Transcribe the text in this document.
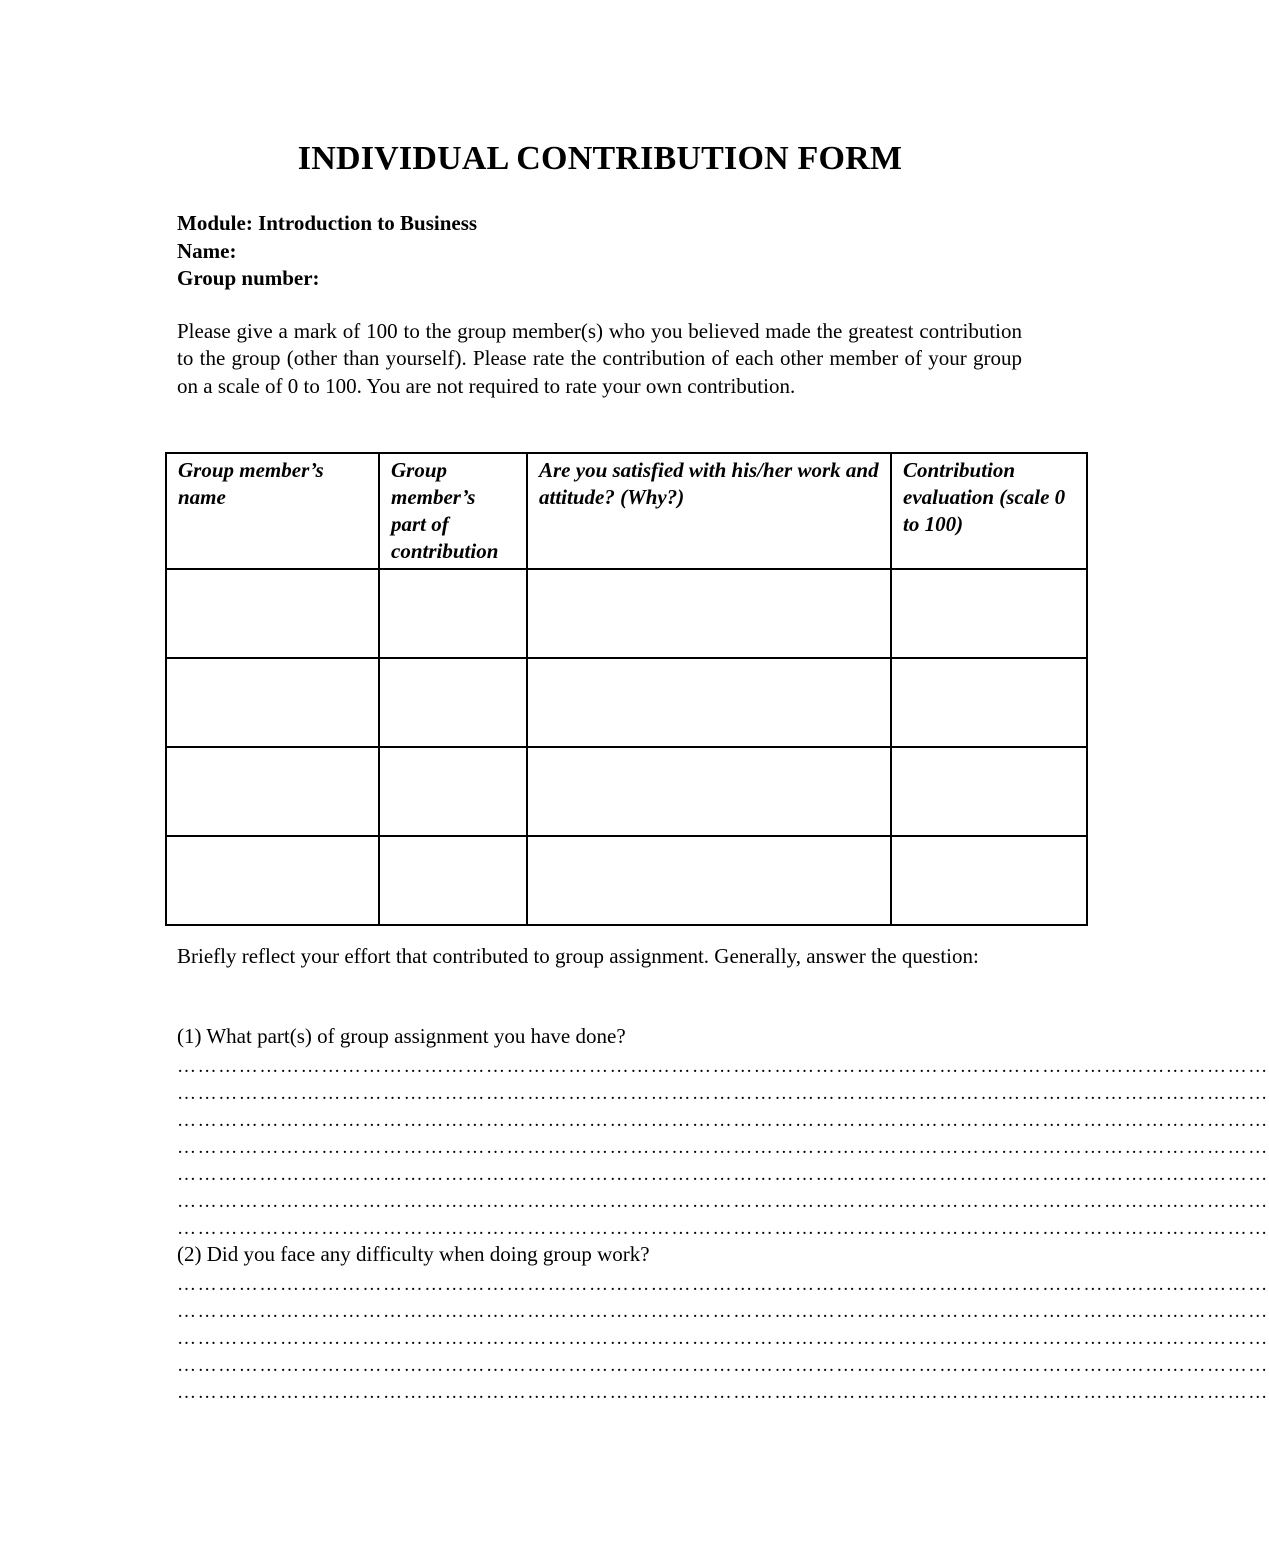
INDIVIDUAL CONTRIBUTION FORM
Module: Introduction to Business
Name:
Group number:
Please give a mark of 100 to the group member(s) who you believed made the greatest contribution to the group (other than yourself). Please rate the contribution of each other member of your group on a scale of 0 to 100. You are not required to rate your own contribution.
Group member’s name	Group member’s part of contribution	Are you satisfied with his/her work and attitude? (Why?)	Contribution evaluation (scale 0 to 100)

Briefly reflect your effort that contributed to group assignment. Generally, answer the question:
(1) What part(s) of group assignment you have done?
……………………………………………………………………………………………………………………………………………
……………………………………………………………………………………………………………………………………………
……………………………………………………………………………………………………………………………………………
……………………………………………………………………………………………………………………………………………
……………………………………………………………………………………………………………………………………………
……………………………………………………………………………………………………………………………………………
……………………………………………………………………………………………………………………………………………
(2) Did you face any difficulty when doing group work?
……………………………………………………………………………………………………………………………………………
……………………………………………………………………………………………………………………………………………
……………………………………………………………………………………………………………………………………………
……………………………………………………………………………………………………………………………………………
……………………………………………………………………………………………………………………………………………
